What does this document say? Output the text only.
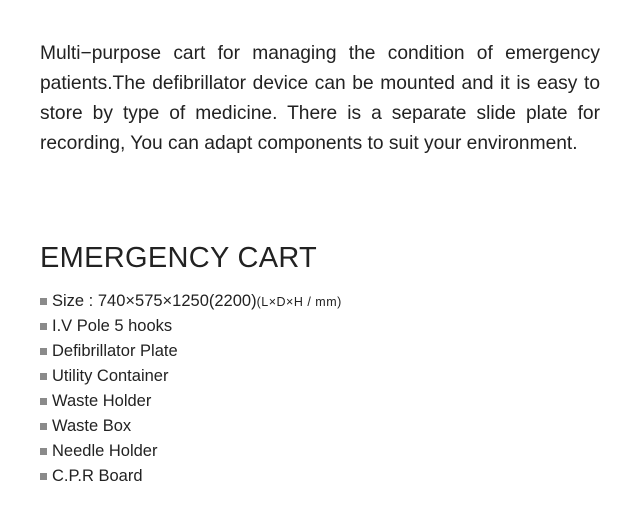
Multi−purpose cart for managing the condition of emergency patients.The defibrillator device can be mounted and it is easy to store by type of medicine. There is a separate slide plate for recording, You can adapt components to suit your environment.

EMERGENCY CART
Size : 740×575×1250(2200) (L×D×H / mm)
I.V Pole 5 hooks
Defibrillator Plate
Utility Container
Waste Holder
Waste Box
Needle Holder
C.P.R Board
